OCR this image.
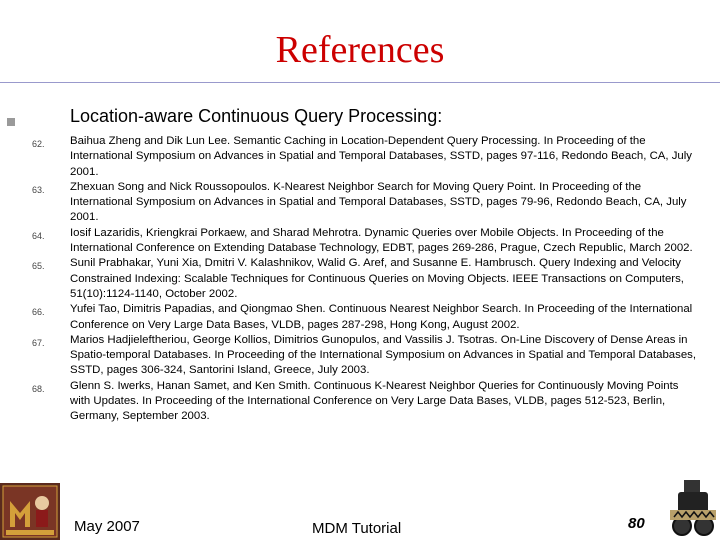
References
Location-aware Continuous Query Processing:
62.	Baihua Zheng and Dik Lun Lee. Semantic Caching in Location-Dependent Query Processing. In Proceeding of the International Symposium on Advances in Spatial and Temporal Databases, SSTD, pages 97-116, Redondo Beach, CA, July 2001.
63.	Zhexuan Song and Nick Roussopoulos. K-Nearest Neighbor Search for Moving Query Point. In Proceeding of the International Symposium on Advances in Spatial and Temporal Databases, SSTD, pages 79-96, Redondo Beach, CA, July 2001.
64.	Iosif Lazaridis, Kriengkrai Porkaew, and Sharad Mehrotra. Dynamic Queries over Mobile Objects. In Proceeding of the International Conference on Extending Database Technology, EDBT, pages 269-286, Prague, Czech Republic, March 2002.
65.	Sunil Prabhakar, Yuni Xia, Dmitri V. Kalashnikov, Walid G. Aref, and Susanne E. Hambrusch. Query Indexing and Velocity Constrained Indexing: Scalable Techniques for Continuous Queries on Moving Objects. IEEE Transactions on Computers, 51(10):1124-1140, October 2002.
66.	Yufei Tao, Dimitris Papadias, and Qiongmao Shen. Continuous Nearest Neighbor Search. In Proceeding of the International Conference on Very Large Data Bases, VLDB, pages 287-298, Hong Kong, August 2002.
67.	Marios Hadjieleftheriou, George Kollios, Dimitrios Gunopulos, and Vassilis J. Tsotras. On-Line Discovery of Dense Areas in Spatio-temporal Databases. In Proceeding of the International Symposium on Advances in Spatial and Temporal Databases, SSTD, pages 306-324, Santorini Island, Greece, July 2003.
68.	Glenn S. Iwerks, Hanan Samet, and Ken Smith. Continuous K-Nearest Neighbor Queries for Continuously Moving Points with Updates. In Proceeding of the International Conference on Very Large Data Bases, VLDB, pages 512-523, Berlin, Germany, September 2003.
May 2007	MDM Tutorial	80
